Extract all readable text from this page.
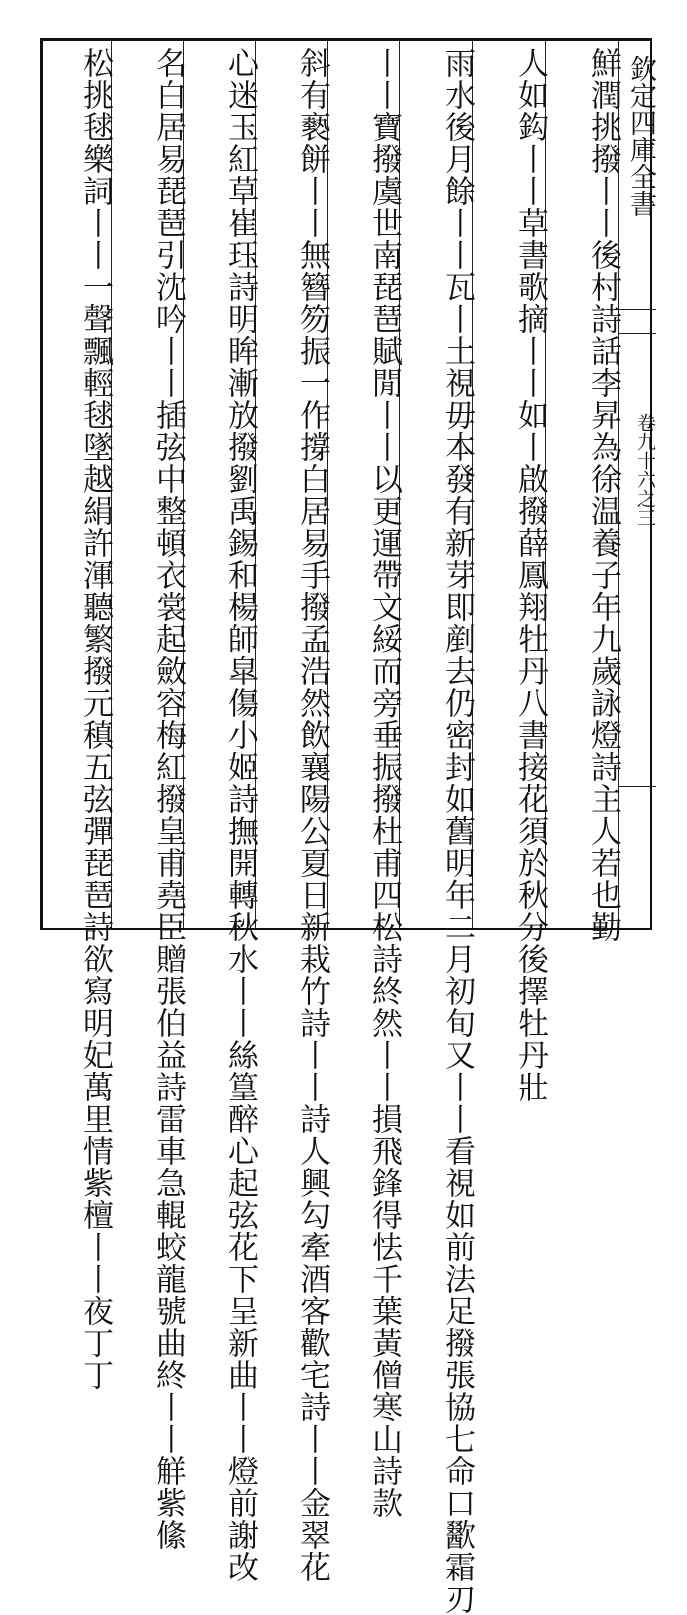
欽定四庫全書
卷九十六之三
鮮潤挑撥丨丨後村詩話李昇為徐温養子年九歲詠燈詩主人若也勤
人如鈎丨丨草書歌摘丨丨如丨啟撥薛鳳翔牡丹八書接花須於秋分後擇牡丹壯
雨水後月餘丨丨瓦丨土視毋本發有新芽即剷去仍密封如舊明年二月初旬又丨丨看視如前法足撥張協七命口歠霜刃
丨丨寶撥虞世南琵琶賦閒丨丨以更運帶文綏而旁垂振撥杜甫四松詩終然丨丨損飛鋒得怯千葉黃僧寒山詩款
斜有褻餅丨丨無簪笏振一作撐白居易手撥孟浩然飲襄陽公夏日新栽竹詩丨丨詩人興勾牽酒客歡宅詩丨丨金翠花
心迷玉紅草崔珏詩明眸漸放撥劉禹錫和楊師皐傷小姬詩撫開轉秋水丨丨絲篁醉心起弦花下呈新曲丨丨燈前謝改
名白居易琵琶引沈吟丨丨插弦中整頓衣裳起斂容梅紅撥皇甫堯臣贈張伯益詩雷車急輥蛟龍號曲終丨丨觧紫絛
松挑毬樂詞丨丨一聲飄輕毬墜越絹許渾聽繁撥元稹五弦彈琵琶詩欲寫明妃萬里情紫檀丨丨夜丁丁
